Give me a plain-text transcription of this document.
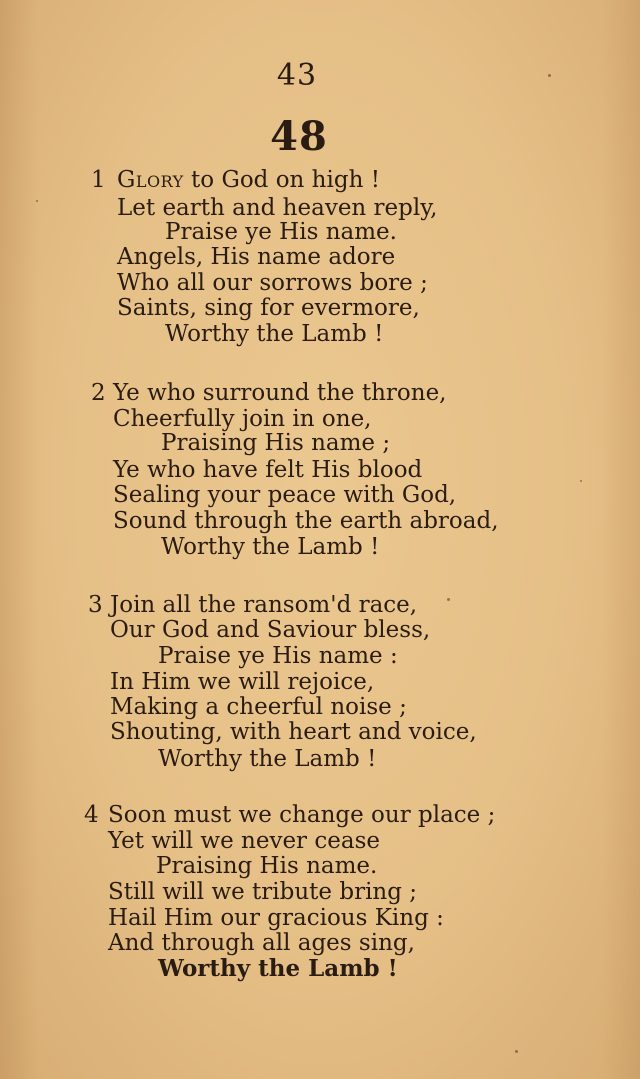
43
48
1 Glory to God on high !
Let earth and heaven reply,
Praise ye His name.
Angels, His name adore
Who all our sorrows bore ;
Saints, sing for evermore,
Worthy the Lamb !
2 Ye who surround the throne,
Cheerfully join in one,
Praising His name ;
Ye who have felt His blood
Sealing your peace with God,
Sound through the earth abroad,
Worthy the Lamb !
3 Join all the ransom'd race,
Our God and Saviour bless,
Praise ye His name :
In Him we will rejoice,
Making a cheerful noise ;
Shouting, with heart and voice,
Worthy the Lamb !
4 Soon must we change our place ;
Yet will we never cease
Praising His name.
Still will we tribute bring ;
Hail Him our gracious King :
And through all ages sing,
Worthy the Lamb !
